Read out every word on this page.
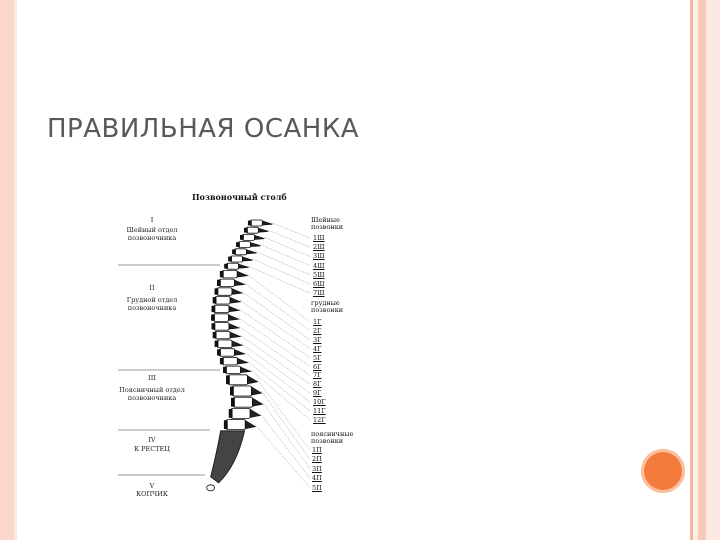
ПРАВИЛЬНАЯ ОСАНКА
Позвоночный столб
I
Шейный отдел позвоночника
II
Грудной отдел позвоночника
III
Поясничный отдел позвоночника
IV
К РЕСТЕЦ
V
КОПЧИК
Шейные позвонки
грудные позвонки
поясничные позвонки
1Ш
2Ш
3Ш
4Ш
5Ш
6Ш
7Ш
1Г
2Г
3Г
4Г
5Г
6Г
7Г
8Г
9Г
10Г
11Г
12Г
1П
2П
3П
4П
5П
